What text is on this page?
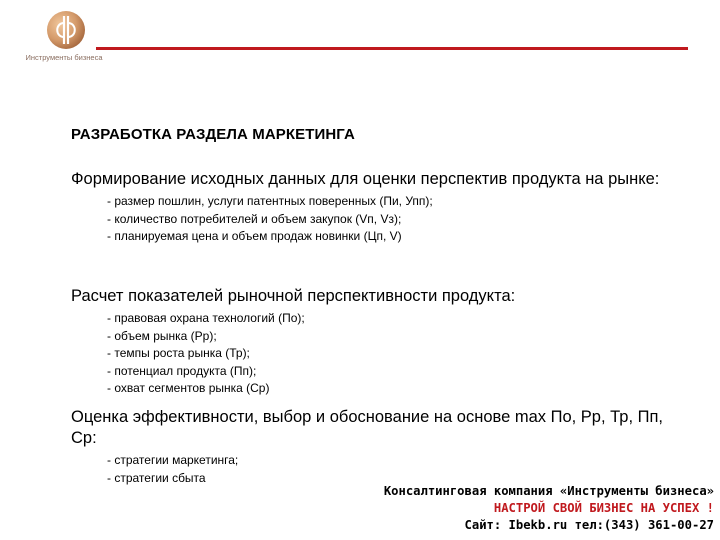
Инструменты бизнеса
РАЗРАБОТКА РАЗДЕЛА МАРКЕТИНГА

Формирование исходных данных для оценки перспектив продукта на рынке:

- размер пошлин, услуги патентных поверенных (Пи, Упп);
- количество потребителей и объем закупок (Vп, Vз);
- планируемая цена и объем продаж новинки (Цп, V)

Расчет показателей рыночной перспективности продукта:

- правовая охрана технологий (По);
- объем рынка (Рр);
- темпы роста рынка (Тр);
- потенциал продукта (Пп);
- охват сегментов рынка (Ср)

Оценка эффективности, выбор и обоснование на основе max По, Рр, Тр, Пп, Ср:

- стратегии маркетинга;
- стратегии сбыта
Консалтинговая компания «Инструменты бизнеса»
НАСТРОЙ СВОЙ БИЗНЕС НА УСПЕХ !
Сайт: Ibekb.ru тел:(343) 361-00-27
